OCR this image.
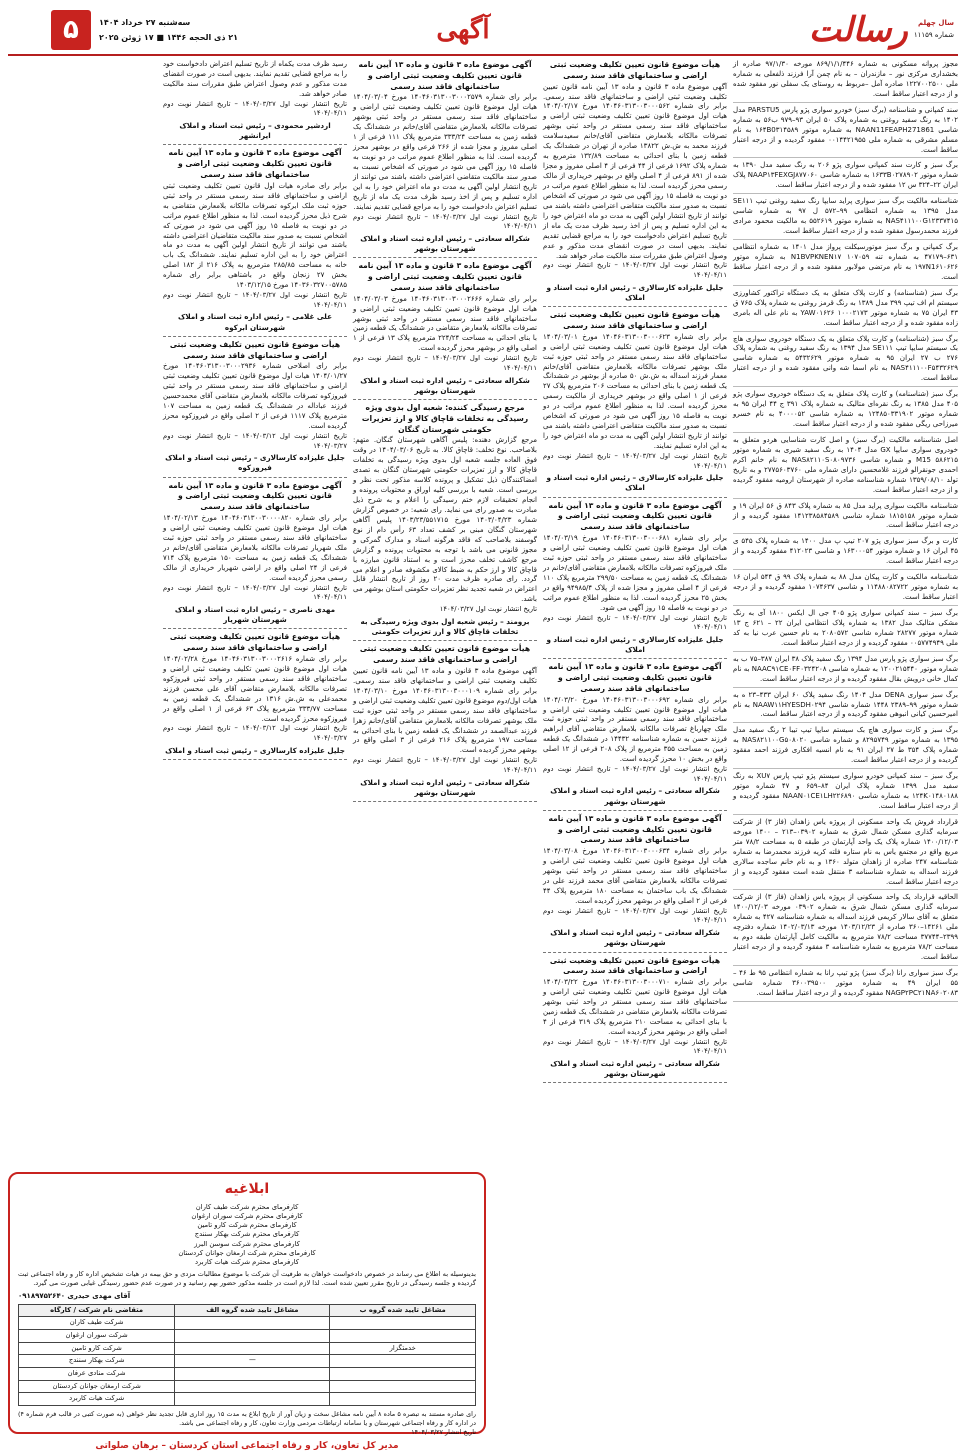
سال چهلم
شماره ۱۱۱۵۹
رسالت
آگهی
۵	سه‌شنبه ۲۷ خرداد ۱۴۰۴
۲۱ ذی الحجه ۱۴۴۶ ■ ۱۷ ژوئن ۲۰۲۵
مجوز پروانه مسکونی به شماره ۸۶۹/۱/۱/۴۴۶ مورخه ۹۷/۱/۳۰ صادره از بخشداری مرکزی نور – مازندران – به نام چمن آرا فرزند ذلفعلی به شماره ملی ۱۲۲۷۰۰۲۵۰۰ صادره آمل –مربوط به روستای یک سفلی نور مفقود شده و از درجه اعتبار ساقط است.
سند کمپانی و شناسنامه (برگ سبز) خودرو سواری پژو پارس PARSTU5 مدل ۱۴۰۲ به رنگ سفید روغنی به شماره پلاک ۵۰ ایران ۹۳–۹۷۹ ب۵۶ به شماره شاسی NAAN11FEAPH271861 به شماره موتور ۱۶۴B0۳۱۴۵۸۹ به نام مسلم مشرقی به شماره ملی ۰۰۱۴۴۲۱۹۵۵ مفقود گردیده و از درجه اعتبار ساقط است.
برگ سبز و کارت سند کمپانی سواری پژو ۲۰۶ به رنگ سفید مدل ۱۳۹۰ به شماره موتور ۱۶۳۳B۰۲۷۸۹۰۲ به شماره شاسی NAAP۱۳FEXGJ۸۷۷۰۶۰ پلاک ایران ۲۲–۳۲۴ س ۱۲ مفقود شده و از درجه اعتبار ساقط است.
شناسنامه مالکیت برگ سبز سواری پراید سایپا رنگ سفید روغنی تیپ SE۱۱۱ مدل ۱۳۹۵ به شماره انتظامی ۹۹–۵۷۲ ل ۹۷ به شماره شاسی NAS۴۱۱۱۰۰G۱۲۳۳۷۴۱۵ به شماره موتور ۵۵۲۶۱۹ به مالکیت محمود مرادی فرزند محمدرسول مفقود شده و از درجه اعتبار ساقط است.
برگ کمپانی و برگ سبز موتورسیکلت پرواز مدل ۱۴۰۱ به شماره انتظامی ۶۳۱–۴۷۱۷۹ به شماره تنه ۱۰۷۰۵۹ N1BVPKNEN۱۷ به شماره موتور ۱۹۷N1۶۱۰۶۲۶ به نام مرتضی مولابور مفقود شده و از درجه اعتبار ساقط است.
برگ سبز (شناسنامه) و کارت پلاک متعلق به یک دستگاه تراکتور کشاورزی سیستم ام اف تیپ ۳۹۹ مدل ۱۳۸۹ به رنگ قرمز روغنی به شماره پلاک ۷۶۵ ق ۴۳ ایران ۷۵ به شماره موتور ۱۰۰۰۲۱۷۳ YAW۰۱۶۲۶ به نام علی اله بامری زاده مفقود شده و از درجه اعتبار ساقط است.
برگ سبز (شناسنامه) و کارت پلاک متعلق به یک دستگاه خودروی سواری هاچ بک سیستم سایپا تیپ SE۱۱۱ مدل ۱۳۹۴ به رنگ سفید روغنی به شماره پلاک ۲۷۶ ب ۲۷ ایران ۹۵ به شماره موتور ۵۴۳۲۶۲۹ به شماره شاسی NAS۴۱۱۱۰۰F۵۴۳۲۶۲۹ به نام اسما شه وانی مفقود شده و از درجه اعتبار ساقط است.
برگ سبز (شناسنامه) و کارت پلاک متعلق به یک دستگاه خودروی سواری پژو ۴۰۵ مدل ۱۳۸۵ به رنگ نقره‌ای متالیک به شماره پلاک ۳۹۱ ج ۴۴ ایران ۹۵ به شماره موتور ۱۲۴۸۵۰۳۳۱۹۰۲ به شماره شاسی ۴۰۰۰۰۵۲ به نام خسرو میرزاحی ریگی مفقود شده و از درجه اعتبار ساقط است.
اصل شناسنامه مالکیت (برگ سبز) و اصل کارت شناسایی هردو متعلق به خودروی سواری سایپا GX مدل ۱۴۰۴ به رنگ سفید شیری به شماره موتور ۵۸۶۲۱۵ M15 و شماره شاسی NAS۸۲۱۱۰S۰۸۰۹۷۳۶ به نام خانم اکرم احمدی جونقرالو فرزند غلامحسین دارای شماره ملی ۲۷۷۵۶۰۳۷۶۰ و به تاریخ تولد ۱۳۵۹/۰۸/۱۰ شماره شناسنامه صادره از شهرستان ارومیه مفقود گردیده و از درجه اعتبار ساقط است.
شناسنامه مالکیت سواری پراید مدل ۸۵ به شماره پلاک ۸۴۳ ق ۵۶ ایران ۱۹ و شماره موتور ۱۸۱۵۱۵۸ شماره شاسی ۱۴۱۲۳۸۵۸۴۵۸۹ مفقود گردیده و از درجه اعتبار ساقط است.
کارت و برگ سبز سواری پژو ۲۰۷ تیپ پ مدل ۱۴۰۰ به شماره پلاک ۵۴۵ ی ۴۵ ایران ۱۶ و شماره موتور ۱۶۳۰۰۰۵۴ و شاسی ۴۱۲۰۲۳ مفقود گردیده و از درجه اعتبار ساقط است.
شناسنامه مالکیت و کارت پیکان مدل ۸۸ به شماره پلاک ۹۹ ق ۵۴۴ ایران ۱۶ به شماره موتور ۱۱۴۸۸۰۸۲۷۲۲ و شاسی ۱۰۷۴۶۳۷ مفقود گردیده و از درجه اعتبار ساقط است.
برگ سبز – سند کمپانی سواری پژو ۴۰۵ جی ال ایکس ۱۸۰۰ آی به رنگ مشکی متالیک مدل ۱۳۸۲ به شماره پلاک انتظامی ایران ۲۲ – ۶۲۱ ج ۱۳ شماره موتور ۲۸۲۷۷ شماره شاسی ۲۰۸۰۵۷۲ به نام حسین عرب نیا به کد ملی ۰۰۵۷۷۴۹۴۹ مفقود گردیده و از درجه اعتبار ساقط است.
برگ سبز سواری پژو پارس مدل ۱۳۹۴ رنگ سفید پلاک ۳۸ ایران ۳۸۷–۷۵ ب به شماره موتور ۱۲۰۰۲۱۵۴۴۰ به شماره شاسی NAAC۹۱CE۰FF۰۳۲۴۲۰۸ به نام کمال خانی درویش بقال مفقود گردیده و از درجه اعتبار ساقط است.
برگ سبز سواری DENA مدل ۱۴۰۴ رنگ سفید پلاک ۶۰ ایران ۴۳۳–۲۳ ه به شماره موتور ۹۹–۲۳۸۹ ۱۴۴۸ شماره شاسی NAAW۱۱HYESDH۰۲۹۴ به نام امیرحسین کیانی انبوهی مفقود گردیده و از درجه اعتبار ساقط است.
برگ سبز و کارت سواری هاچ بک سیستم سایپا تیپ تیبا ۲ رنگ سفید مدل ۱۳۹۵ به شماره موتور ۸۲۹۵۷۴۹ و شماره شاسی NAS۸۲۱۱۰۰G۵۰۸۰۲۰ به شماره پلاک ۳۵۴ ط ۲۷ ایران ۹۱ به نام انسیه افکاری فرزند احمد مفقود گردیده و از درجه اعتبار ساقط است.
برگ سبز – سند کمپانی خودرو سواری سیستم پژو تیپ پارس XU۷ به رنگ سفید مدل ۱۳۹۹ شماره پلاک ایران ۸۴–۶۵۹ و ۴۷ شماره موتور ۱۲۴K۰۱۴۸۰۱۸۸ به شماره شاسی NAAN۰۱CE۱LH۲۲۶۸۹۰ مفقود گردیده و از درجه اعتبار ساقط است.
قرارداد فروش یک واحد مسکونی از پروژه یاس زاهدان (فاز ۳) از شرکت سرمایه گذاری مسکن شمال شرق به شماره ۰۳۹۰۲–۲۱۳ – ۱۴۰۰ مورخه ۱۴۰۰/۱۲/۰۳ شماره پلاک یک واحد آپارتمان در طبقه ۵ به مساحت ۷۸/۲ متر مربع واقع در مجتمع یاس به نام ستاره فلته کریه فرزند محمدرضا به شماره شناسنامه ۲۴۷ صادره از زاهدان متولد ۱۳۶۰ و به نام خانم ساجده سالاری فرزند اسداله به شماره شناسنامه ۳ منتقل شده است مفقود گردیده و از درجه اعتبار ساقط است.
الحاقیه قرارداد یک واحد مسکونی از پروژه یاس زاهدان (فاز ۳) از شرکت سرمایه گذاری مسکن شمال شرق به شماره ۰۳۹۰۲ مورخه ۱۴۰۰/۱۲/۰۳ متعلق به آقای سالار کریمی فرزند اسداله به شماره شناسنامه ۴۲۷ به شماره ملی ۱۴۲۶۱–۳۶۰ صادره از ۱۴۰۳/۱۲/۲۳ مورخه ۱۴۰۲/۰۳/۱۳ شماره دفترچه ۲۳۹۹–۳۷۷۴۴ مساحت ۷۸/۲ مترمربع به مالکیت کامل آپارتمان طبقه دوم به مساحت ۷۸/۲ مترمربع به شماره شناسنامه ۳ مفقود گردیده و از درجه اعتبار ساقط است.
برگ سبز سواری رانا (برگ سبز) پژو تیپ رانا به شماره انتظامی ۹۵ ط ۴۶ – ۵۵ ایران ۴۹ به شماره موتور ۳۶۰۰۳۹۵۰۰ شماره شاسی NAGP۲PC۲۱NA۶۰۲۰۸۳ مفقود گردیده و از درجه اعتبار ساقط است.
هیأت موضوع قانون تعیین تکلیف وضعیت ثبتی اراضی و ساختمانهای فاقد سند رسمی
آگهی موضوع ماده ۳ قانون و ماده ۱۳ آیین نامه قانون تعیین تکلیف وضعیت ثبتی اراضی و ساختمانهای فاقد سند رسمی. برابر رای شماره ۱۴۰۴۶۰۳۱۳۰۰۳۰۰۰۵۶۲ مورخ ۱۴۰۴/۰۲/۱۷ هیات اول موضوع قانون تعیین تکلیف وضعیت ثبتی اراضی و ساختمانهای فاقد سند رسمی مستقر در واحد ثبتی بوشهر تصرفات مالکانه بلامعارض متقاضی آقای/خانم سعیدسلامت فرزند محمد به ش.ش ۱۳۸۲۲ صادره از تهران در ششدانگ یک قطعه زمین با بنای احداثی به مساحت ۱۳۲/۸۹ مترمربع به شماره پلاک ۱۶۹۲ فرعی از ۴۴ فرعی از ۴ اصلی مفروز و مجزا شده از ۸۹۱ فرعی از ۴ اصلی واقع در بوشهر خریداری از مالک رسمی محرز گردیده است. لذا به منظور اطلاع عموم مراتب در دو نوبت به فاصله ۱۵ روز آگهی می شود در صورتی که اشخاص نسبت به صدور سند مالکیت متقاضی اعتراضی داشته باشند می توانند از تاریخ انتشار اولین آگهی به مدت دو ماه اعتراض خود را به این اداره تسلیم و پس از اخذ رسید ظرف مدت یک ماه از تاریخ تسلیم اعتراض دادخواست خود را به مراجع قضایی تقدیم نمایند. بدیهی است در صورت انقضای مدت مذکور و عدم وصول اعتراض طبق مقررات سند مالکیت صادر خواهد شد.
تاریخ انتشار نوبت اول ۱۴۰۴/۰۳/۲۷ – تاریخ انتشار نوبت دوم ۱۴۰۴/۰۴/۱۱
جلیل علیزاده کارسالاری – رئیس اداره ثبت اسناد و املاک
هیأت موضوع قانون تعیین تکلیف وضعیت ثبتی اراضی و ساختمانهای فاقد سند رسمی
برابر رای شماره ۱۴۰۴۶۰۳۱۳۰۰۳۰۰۰۶۲۳ مورخ ۱۴۰۴/۰۳/۰۱ هیات اول موضوع قانون تعیین تکلیف وضعیت ثبتی اراضی و ساختمانهای فاقد سند رسمی مستقر در واحد ثبتی حوزه ثبت ملک بوشهر تصرفات مالکانه بلامعارض متقاضی آقای/خانم معمار فرزند اسداله به ش.ش ۵۰ صادره از بوشهر در ششدانگ یک قطعه زمین با بنای احداثی به مساحت ۲۰۶ مترمربع پلاک ۲۷ فرعی از ۱ اصلی واقع در بوشهر خریداری از مالکیت رسمی محرز گردیده است. لذا به منظور اطلاع عموم مراتب در دو نوبت به فاصله ۱۵ روز آگهی می شود در صورتی که اشخاص نسبت به صدور سند مالکیت متقاضی اعتراضی داشته باشند می توانند از تاریخ انتشار اولین آگهی به مدت دو ماه اعتراض خود را به این اداره تسلیم نمایند.
تاریخ انتشار نوبت اول ۱۴۰۴/۰۳/۲۷ – تاریخ انتشار نوبت دوم ۱۴۰۴/۰۴/۱۱
جلیل علیزاده کارسالاری – رئیس اداره ثبت اسناد و املاک
آگهی موضوع ماده ۳ قانون و ماده ۱۳ آیین نامه قانون تعیین تکلیف وضعیت ثبتی اراضی و ساختمانهای فاقد سند رسمی
برابر رای شماره ۱۴۰۴۶۰۳۱۳۰۰۳۰۰۰۶۸۱ مورخ ۱۴۰۴/۰۳/۱۹ هیات اول موضوع قانون تعیین تکلیف وضعیت ثبتی اراضی و ساختمانهای فاقد سند رسمی مستقر در واحد ثبتی حوزه ثبت ملک فیروزکوه تصرفات مالکانه بلامعارض متقاضی آقای/خانم در ششدانگ یک قطعه زمین به مساحت ۲۹۹/۵۰ مترمربع پلاک ۱۱۰ فرعی از ۴ اصلی مفروز و مجزا شده از پلاک ۹۴۹۸۵/۴ واقع در بخش ۲۵ محرز گردیده است. لذا به منظور اطلاع عموم مراتب در دو نوبت به فاصله ۱۵ روز آگهی می شود.
تاریخ انتشار نوبت اول ۱۴۰۴/۰۳/۲۷ – تاریخ انتشار نوبت دوم ۱۴۰۴/۰۴/۱۱
جلیل علیزاده کارسالاری – رئیس اداره ثبت اسناد و املاک
آگهی موضوع ماده ۳ قانون و ماده ۱۳ آیین نامه قانون تعیین تکلیف وضعیت ثبتی اراضی و ساختمانهای فاقد سند رسمی
برابر رای شماره ۱۴۰۴۶۰۳۱۳۰۰۳۰۰۰۶۹۲ مورخ ۱۴۰۴/۰۳/۲۰ هیات اول موضوع قانون تعیین تکلیف وضعیت ثبتی اراضی و ساختمانهای فاقد سند رسمی مستقر در واحد ثبتی حوزه ثبت ملک چهارباغ تصرفات مالکانه بلامعارض متقاضی آقای ابراهیم فرزند حسن به شماره شناسنامه ۱۴۴۳۲ در ششدانگ یک قطعه زمین به مساحت ۳۵۵ مترمربع از پلاک ۲۰۸ فرعی از ۱۲ اصلی واقع در بخش ۱۰ محرز گردیده است.
تاریخ انتشار نوبت اول ۱۴۰۴/۰۳/۲۷ – تاریخ انتشار نوبت دوم ۱۴۰۴/۰۴/۱۱
شکراله سعادتی – رئیس اداره ثبت اسناد و املاک شهرستان بوشهر
آگهی موضوع ماده ۳ قانون و ماده ۱۳ آیین نامه قانون تعیین تکلیف وضعیت ثبتی اراضی و ساختمانهای فاقد سند رسمی
برابر رای شماره ۱۴۰۴۶۰۳۱۳۰۰۳۰۰۰۶۳۴ مورخ ۱۴۰۴/۰۳/۰۸ هیات اول موضوع قانون تعیین تکلیف وضعیت ثبتی اراضی و ساختمانهای فاقد سند رسمی مستقر در واحد ثبتی بوشهر تصرفات مالکانه بلامعارض متقاضی آقای محمد فرزند علی در ششدانگ یک باب ساختمان به مساحت ۱۸۰ مترمربع پلاک ۴۴ فرعی از ۲ اصلی واقع در بوشهر محرز گردیده است.
تاریخ انتشار نوبت اول ۱۴۰۴/۰۳/۲۷ – تاریخ انتشار نوبت دوم ۱۴۰۴/۰۴/۱۱
شکراله سعادتی – رئیس اداره ثبت اسناد و املاک شهرستان بوشهر
هیأت موضوع قانون تعیین تکلیف وضعیت ثبتی اراضی و ساختمانهای فاقد سند رسمی
برابر رای شماره ۱۴۰۴۶۰۳۱۳۰۰۳۰۰۰۷۱۰ مورخ ۱۴۰۴/۰۳/۲۲ هیات اول موضوع قانون تعیین تکلیف وضعیت ثبتی اراضی و ساختمانهای فاقد سند رسمی مستقر در واحد ثبتی بوشهر تصرفات مالکانه بلامعارض متقاضی در ششدانگ یک قطعه زمین با بنای احداثی به مساحت ۲۱۰ مترمربع پلاک ۳۱۹ فرعی از ۴ اصلی واقع در بوشهر محرز گردیده است.
تاریخ انتشار نوبت اول ۱۴۰۴/۰۳/۲۷ – تاریخ انتشار نوبت دوم ۱۴۰۴/۰۴/۱۱
شکراله سعادتی – رئیس اداره ثبت اسناد و املاک شهرستان بوشهر
آگهی موضوع ماده ۳ قانون و ماده ۱۳ آیین نامه قانون تعیین تکلیف وضعیت ثبتی اراضی و ساختمانهای فاقد سند رسمی
برابر رای شماره ۱۴۰۴۶۰۳۱۳۰۰۳۰۰۰۲۵۷۹ مورخ ۱۴۰۴/۰۳/۰۴ هیات اول موضوع قانون تعیین تکلیف وضعیت ثبتی اراضی و ساختمانهای فاقد سند رسمی مستقر در واحد ثبتی بوشهر تصرفات مالکانه بلامعارض متقاضی آقای/خانم در ششدانگ یک قطعه زمین به مساحت ۳۳۳/۲۴ مترمربع پلاک ۱۱۱ فرعی از ۱ اصلی مفروز و مجزا شده از ۲۶۶ فرعی واقع در بوشهر محرز گردیده است. لذا به منظور اطلاع عموم مراتب در دو نوبت به فاصله ۱۵ روز آگهی می شود در صورتی که اشخاص نسبت به صدور سند مالکیت متقاضی اعتراضی داشته باشند می توانند از تاریخ انتشار اولین آگهی به مدت دو ماه اعتراض خود را به این اداره تسلیم و پس از اخذ رسید ظرف مدت یک ماه از تاریخ تسلیم اعتراض دادخواست خود را به مراجع قضایی تقدیم نمایند.
تاریخ انتشار نوبت اول ۱۴۰۴/۰۳/۲۷ – تاریخ انتشار نوبت دوم ۱۴۰۴/۰۴/۱۱
شکراله سعادتی – رئیس اداره ثبت اسناد و املاک شهرستان بوشهر
آگهی موضوع ماده ۳ قانون و ماده ۱۳ آیین نامه قانون تعیین تکلیف وضعیت ثبتی اراضی و ساختمانهای فاقد سند رسمی
برابر رای شماره ۱۴۰۴۶۰۳۱۳۰۰۳۰۰۰۲۶۶۶ مورخ ۱۴۰۴/۰۳/۰۳ هیات اول موضوع قانون تعیین تکلیف وضعیت ثبتی اراضی و ساختمانهای فاقد سند رسمی مستقر در واحد ثبتی بوشهر تصرفات مالکانه بلامعارض متقاضی در ششدانگ یک قطعه زمین با بنای احداثی به مساحت ۲۲۴/۲۴ مترمربع پلاک ۱۳ فرعی از ۱ اصلی واقع در بوشهر محرز گردیده است.
تاریخ انتشار نوبت اول ۱۴۰۴/۰۳/۲۷ – تاریخ انتشار نوبت دوم ۱۴۰۴/۰۴/۱۱
شکراله سعادتی – رئیس اداره ثبت اسناد و املاک شهرستان بوشهر
مرجع رسیدگی کننده: شعبه اول بدوی ویژه رسیدگی به تخلفات قاچاق کالا و ارز تعزیرات حکومتی شهرستان گنگان
مرجع گزارش دهنده: پلیس آگاهی شهرستان گنگان. متهم: بلاصاحب. نوع تخلف: قاچاق کالا. به تاریخ ۱۴۰۴/۰۳/۰۶ در وقت فوق العاده جلسه شعبه اول بدوی ویژه رسیدگی به تخلفات قاچاق کالا و ارز تعزیرات حکومتی شهرستان گنگان به تصدی امضاکنندگان ذیل تشکیل و پرونده کلاسه مذکور تحت نظر و بررسی است. شعبه با بررسی کلیه اوراق و محتویات پرونده و انجام تحقیقات لازم ختم رسیدگی را اعلام و به شرح ذیل مبادرت به صدور رای می نماید. رای شعبه: در خصوص گزارش شماره ۱۴۰۳/۰۴/۲۳ مورخ ۱۴۰۳/۲۳/۵۵۱۷۱۵ پلیس آگاهی شهرستان گنگان مبنی بر کشف تعداد ۶۳ رأس دام از نوع گوسفند بلاصاحب که فاقد هرگونه اسناد و مدارک گمرکی و مجوز قانونی می باشد با توجه به محتویات پرونده و گزارش مرجع کاشف تخلف محرز است و به استناد قانون مبارزه با قاچاق کالا و ارز حکم به ضبط کالای مکشوفه صادر و اعلام می گردد. رای صادره ظرف مدت ۲۰ روز از تاریخ انتشار قابل اعتراض در شعبه تجدید نظر تعزیرات حکومتی استان بوشهر می باشد.
تاریخ انتشار نوبت اول ۱۴۰۴/۰۳/۲۷
برومند – رئیس شعبه اول بدوی ویژه رسیدگی به تخلفات قاچاق کالا و ارز تعزیرات حکومتی
هیأت موضوع قانون تعیین تکلیف وضعیت ثبتی اراضی و ساختمانهای فاقد سند رسمی
آگهی موضوع ماده ۳ قانون و ماده ۱۳ آیین نامه قانون تعیین تکلیف وضعیت ثبتی اراضی و ساختمانهای فاقد سند رسمی. برابر رای شماره ۱۴۰۴۶۰۳۱۳۰۰۳۰۰۰۱۰۹ مورخ ۱۴۰۴/۰۳/۱۰ هیات اول/دوم موضوع قانون تعیین تکلیف وضعیت ثبتی اراضی و ساختمانهای فاقد سند رسمی مستقر در واحد ثبتی حوزه ثبت ملک بوشهر تصرفات مالکانه بلامعارض متقاضی آقای/خانم زهرا فرزند عبدالصمد در ششدانگ یک قطعه زمین با بنای احداثی به مساحت ۱۹۷ مترمربع پلاک ۲۱۶ فرعی از ۳ اصلی واقع در بوشهر محرز گردیده است.
تاریخ انتشار نوبت اول ۱۴۰۴/۰۳/۲۷ – تاریخ انتشار نوبت دوم ۱۴۰۴/۰۴/۱۱
شکراله سعادتی – رئیس اداره ثبت اسناد و املاک شهرستان بوشهر
رسید ظرف مدت یکماه از تاریخ تسلیم اعتراض دادخواست خود را به مراجع قضایی تقدیم نمایند. بدیهی است در صورت انقضای مدت مذکور و عدم وصول اعتراض طبق مقررات سند مالکیت صادر خواهد شد.
تاریخ انتشار نوبت اول ۱۴۰۴/۰۳/۲۷ – تاریخ انتشار نوبت دوم ۱۴۰۴/۰۴/۱۱
اردشیر محمودی – رئیس ثبت اسناد و املاک ایرانشهر
آگهی موضوع ماده ۳ قانون و ماده ۱۳ آیین نامه قانون تعیین تکلیف وضعیت ثبتی اراضی و ساختمانهای فاقد سند رسمی
برابر رای صادره هیات اول قانون تعیین تکلیف وضعیت ثبتی اراضی و ساختمانهای فاقد سند رسمی مستقر در واحد ثبتی حوزه ثبت ملک ابرکوه تصرفات مالکانه بلامعارض متقاضی به شرح ذیل محرز گردیده است. لذا به منظور اطلاع عموم مراتب در دو نوبت به فاصله ۱۵ روز آگهی می شود در صورتی که اشخاص نسبت به صدور سند مالکیت متقاضیان اعتراضی داشته باشند می توانند از تاریخ انتشار اولین آگهی به مدت دو ماه اعتراض خود را به این اداره تسلیم نمایند. ششدانگ یک باب خانه به مساحت ۲۸۵/۸۵ مترمربع به پلاک ۲۱۶ از ۱۸۲ اصلی بخش ۲۷ زنجان واقع در باشتاهی برابر رای شماره ۱۴۰۳۶۰۳۲۷۰۰۵۷۸۵ مورخ ۱۴۰۳/۱۲/۱۵
تاریخ انتشار نوبت اول ۱۴۰۴/۰۳/۲۷ – تاریخ انتشار نوبت دوم ۱۴۰۴/۰۴/۱۱
علی غلامی – رئیس اداره ثبت اسناد و املاک شهرستان ابرکوه
هیأت موضوع قانون تعیین تکلیف وضعیت ثبتی اراضی و ساختمانهای فاقد سند رسمی
برابر رای اصلاحی شماره ۱۴۰۴۶۰۳۱۳۰۰۳۰۰۰۲۹۳۶ مورخ ۱۴۰۴/۰۱/۲۷ هیات اول موضوع قانون تعیین تکلیف وضعیت ثبتی اراضی و ساختمانهای فاقد سند رسمی مستقر در واحد ثبتی فیروزکوه تصرفات مالکانه بلامعارض متقاضی آقای محمدحسین فرزند عباداله در ششدانگ یک قطعه زمین به مساحت ۱۰۷ مترمربع پلاک ۱۱۱۷ فرعی از ۲ اصلی واقع در فیروزکوه محرز گردیده است.
تاریخ انتشار نوبت اول ۱۴۰۴/۰۳/۱۲ – تاریخ انتشار نوبت دوم ۱۴۰۴/۰۳/۲۷
جلیل علیزاده کارسالاری – رئیس ثبت اسناد و املاک فیروزکوه
آگهی موضوع ماده ۳ قانون و ماده ۱۳ آیین نامه قانون تعیین تکلیف وضعیت ثبتی اراضی و ساختمانهای فاقد سند رسمی
برابر رای شماره ۱۴۰۴۶۰۳۱۳۰۰۳۰۰۰۰۸۲۰ مورخ ۱۴۰۴/۰۲/۱۳ هیات اول موضوع قانون تعیین تکلیف وضعیت ثبتی اراضی و ساختمانهای فاقد سند رسمی مستقر در واحد ثبتی حوزه ثبت ملک شهریار تصرفات مالکانه بلامعارض متقاضی آقای/خانم در ششدانگ یک قطعه زمین به مساحت ۱۵۰ مترمربع پلاک ۷۱۴ فرعی از ۲۴ اصلی واقع در اراضی شهریار خریداری از مالک رسمی محرز گردیده است.
تاریخ انتشار نوبت اول ۱۴۰۴/۰۳/۲۷ – تاریخ انتشار نوبت دوم ۱۴۰۴/۰۴/۱۱
مهدی ناصری – رئیس اداره ثبت اسناد و املاک شهرستان شهریار
هیأت موضوع قانون تعیین تکلیف وضعیت ثبتی اراضی و ساختمانهای فاقد سند رسمی
برابر رای شماره ۱۴۰۴۶۰۳۱۳۰۰۳۰۰۰۲۶۱۶ مورخ ۱۴۰۴/۰۲/۲۸ هیات اول موضوع قانون تعیین تکلیف وضعیت ثبتی اراضی و ساختمانهای فاقد سند رسمی مستقر در واحد ثبتی فیروزکوه تصرفات مالکانه بلامعارض متقاضی آقای علی محسن فرزند محمدعلی به ش.ش ۱۳۱۶ در ششدانگ یک قطعه زمین به مساحت ۳۳۳/۷۷ مترمربع پلاک ۶۳ فرعی از ۱ اصلی واقع در فیروزکوه محرز گردیده است.
تاریخ انتشار نوبت اول ۱۴۰۴/۰۳/۱۲ – تاریخ انتشار نوبت دوم ۱۴۰۴/۰۳/۲۷
جلیل علیزاده کارسالاری – رئیس ثبت اسناد و املاک
ابلاغیه
کارفرمای محترم شرکت طیف کاران
کارفرمای محترم شرکت سوران ارغوان
کارفرمای محترم شرکت کارو تامین
کارفرمای محترم شرکت بهکار سنندج
کارفرمای محترم شرکت سوسن البرز
کارفرمای محترم شرکت ارمغان جوانان کردستان
کارفرمای محترم شرکت هیات کاربرد
بدینوسیله به اطلاع می رساند در خصوص دادخواست خواهان به طرفیت آن شرکت با موضوع مطالبات مزدی و حق بیمه در هیات تشخیص اداره کار و رفاه اجتماعی ثبت گردیده و جلسه رسیدگی در تاریخ مقرر تعیین شده است. لذا لازم است در جلسه مذکور حضور بهم رسانید و در صورت عدم حضور رسیدگی غیابی صورت می گیرد.
آقای مهدی حیدری ۰۹۱۸۹۷۵۲۶۴۰
مشاغل تایید شده گروه ب	مشاغل تایید شده گروه الف	متقاضی نام شرکت / کارگاه
		شرکت طیف کاران
		شرکت سوران ارغوان
خدمتگزار		شرکت کارو تامین
	—	شرکت بهکار سنندج
		شرکت منادی عرفان
		شرکت ارمغان جوانان کردستان
		شرکت هیات کاربرد
رای صادره مستند به تبصره ۵ ماده ۸ آیین نامه مشاغل سخت و زیان آور از تاریخ ابلاغ به مدت ۱۵ روز اداری قابل تجدید نظر خواهی (به صورت کتبی در قالب فرم شماره ۴) در اداره کار و رفاه اجتماعی شهرستان و یا سامانه ارتباطات مردمی وزارت تعاون، کار و رفاه اجتماعی می باشد.
تاریخ انتشار ۱۴۰۴/۰۳/۲۷
مدیر کل تعاون، کار و رفاه اجتماعی استان کردستان – برهان صلواتی
